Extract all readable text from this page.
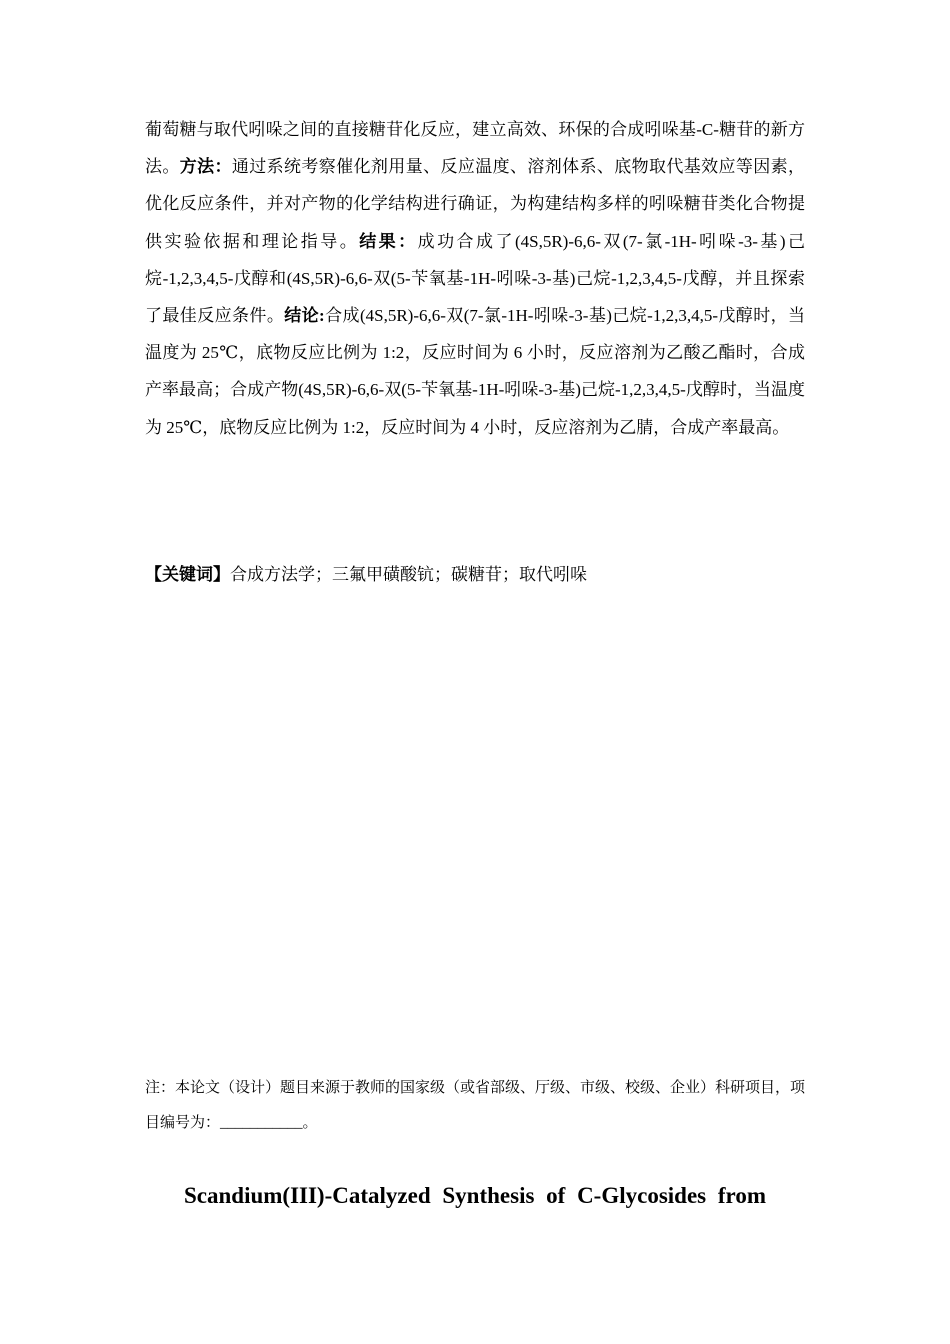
葡萄糖与取代吲哚之间的直接糖苷化反应，建立高效、环保的合成吲哚基-C-糖苷的新方法。方法：通过系统考察催化剂用量、反应温度、溶剂体系、底物取代基效应等因素，优化反应条件，并对产物的化学结构进行确证，为构建结构多样的吲哚糖苷类化合物提供实验依据和理论指导。结果：成功合成了(4S,5R)-6,6-双(7-氯-1H-吲哚-3-基)己烷-1,2,3,4,5-戊醇和(4S,5R)-6,6-双(5-苄氧基-1H-吲哚-3-基)己烷-1,2,3,4,5-戊醇，并且探索了最佳反应条件。结论:合成(4S,5R)-6,6-双(7-氯-1H-吲哚-3-基)己烷-1,2,3,4,5-戊醇时，当温度为 25℃，底物反应比例为 1:2，反应时间为 6 小时，反应溶剂为乙酸乙酯时，合成产率最高；合成产物(4S,5R)-6,6-双(5-苄氧基-1H-吲哚-3-基)己烷-1,2,3,4,5-戊醇时，当温度为 25℃，底物反应比例为 1:2，反应时间为 4 小时，反应溶剂为乙腈，合成产率最高。

【关键词】合成方法学；三氟甲磺酸钪；碳糖苷；取代吲哚

注：本论文（设计）题目来源于教师的国家级（或省部级、厅级、市级、校级、企业）科研项目，项目编号为：___________。

Scandium(III)-Catalyzed Synthesis of C-Glycosides from
